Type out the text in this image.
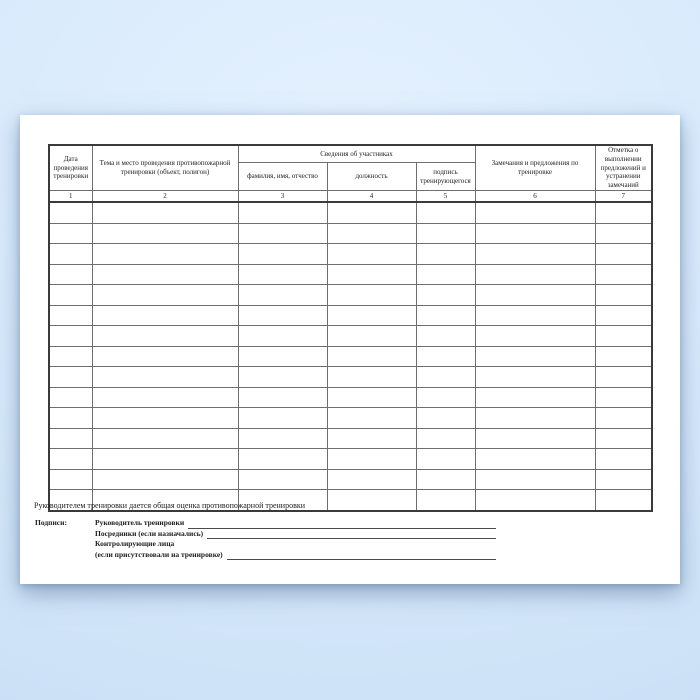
Дата проведения тренировки	Тема и место проведения противопожарной тренировки (объект, полигон)	Сведения об участниках			Замечания и предложения по тренировке	Отметка о выполнении предложений и устранении замечаний
		фамилия, имя, отчество	должность	подпись тренирующегося		
1	2	3	4	5	6	7

Руководителем тренировки дается общая оценка противопожарной тренировки
Подписи:	Руководитель тренировки
Посредники (если назначались)
Контролирующие лица
(если присутствовали на тренировке)
